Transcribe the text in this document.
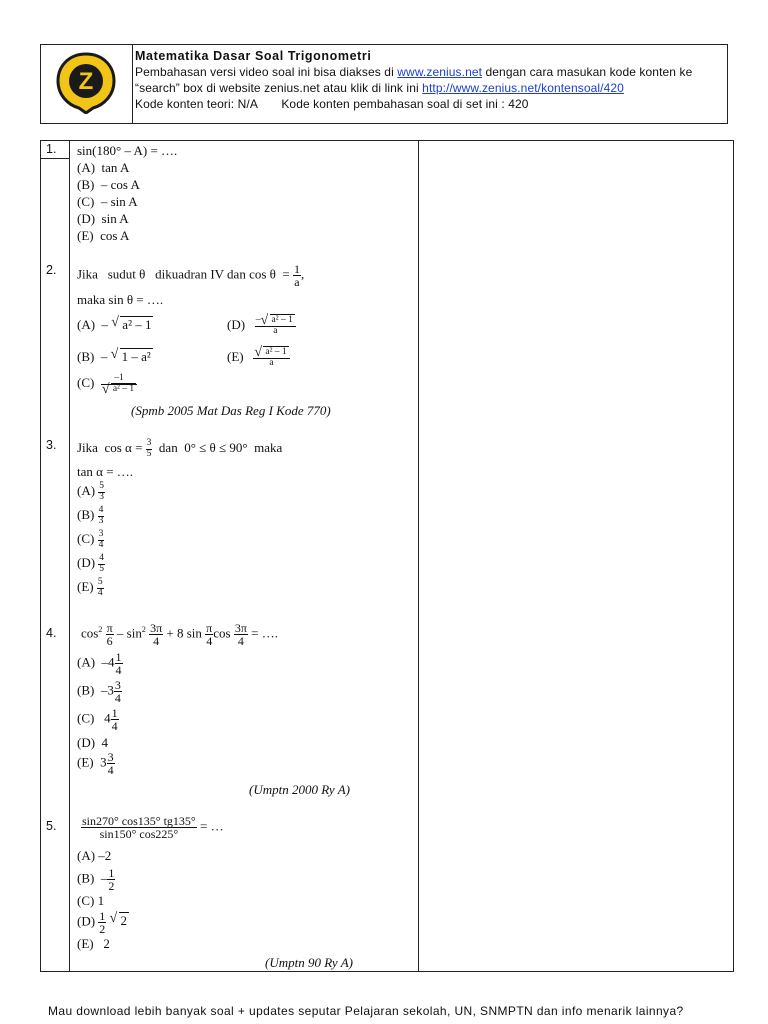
Z
Matematika Dasar Soal Trigonometri
Pembahasan versi video soal ini bisa diakses di www.zenius.net dengan cara masukan kode konten ke
“search” box di website zenius.net atau klik di link ini http://www.zenius.net/kontensoal/420
Kode konten teori: N/A       Kode konten pembahasan soal di set ini : 420
1. sin(180° – A) = ….
(A)  tan A
(B)  – cos A
(C)  – sin A
(D)  sin A
(E)  cos A
2. Jika   sudut θ   dikuadran IV dan $\cos \theta = \frac{1}{a}$ ,
maka sin θ = ….
(A)  – √ a² – 1	$(D) \frac{\text{– √ a² – 1}}{a}$
(B)  – √ 1 – a²	(E) √ $\frac{\text{a² – 1}}{a}$
(C) –1
√ a² – 1
(Spmb 2005 Mat Das Reg I Kode 770)
3. Jika  $\cos \alpha = \frac{3}{5}$ dan  0° ≤ θ ≤ 90°  maka
tan α = ….
$(A) \frac{5}{3}$
$(B) \frac{4}{3}$
$(C) \frac{3}{4}$
$(D) \frac{4}{5}$
$(E) \frac{5}{4}$
4. $\cos^2 \frac{\pi}{6} - \sin^2 \frac{3\pi}{4} + 8$ $\sin \frac{\pi}{4}$ $\cos \frac{3\pi}{4}$ = ….
(A)  $-4 \frac{1}{4}$
(B)  $-3 \frac{3}{4}$
(C)   $4 \frac{1}{4}$
(D)  4
(E)  $3 \frac{3}{4}$
(Umptn 2000 Ry A)
5. $\frac{\sin 270^\circ \cos 135^\circ tg135^\circ}{\sin 150^\circ \cos 225^\circ}$ = …
(A) –2
$(B) - \frac{1}{2}$
(C) 1
$(D) \frac{1}{2}$ √ 2
(E)   2
(Umptn 90 Ry A)
Mau download lebih banyak soal + updates seputar Pelajaran sekolah, UN, SNMPTN dan info menarik lainnya?
